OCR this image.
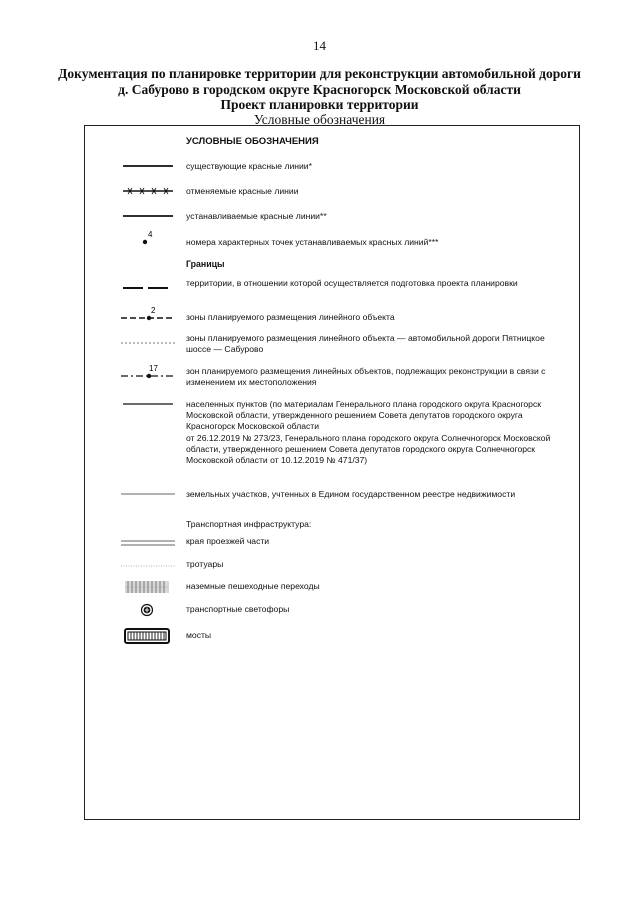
14
Документация по планировке территории для реконструкции автомобильной дороги
д. Сабурово в городском округе Красногорск Московской области
Проект планировки территории
Условные обозначения
УСЛОВНЫЕ ОБОЗНАЧЕНИЯ
существующие красные линии*
отменяемые красные линии
устанавливаемые красные линии**
4
номера характерных точек устанавливаемых красных линий***
Границы
территории, в отношении которой осуществляется подготовка проекта планировки
2
зоны планируемого размещения линейного объекта
зоны планируемого размещения линейного объекта — автомобильной дороги Пятницкое шоссе — Сабурово
17	зон планируемого размещения линейных объектов, подлежащих реконструкции в связи с изменением их местоположения
населенных пунктов (по материалам Генерального плана городского округа Красногорск Московской области, утвержденного решением Совета депутатов городского округа Красногорск Московской области
от 26.12.2019 № 273/23, Генерального плана городского округа Солнечногорск Московской области, утвержденного решением Совета депутатов городского округа Солнечногорск Московской области от 10.12.2019 № 471/37)
земельных участков, учтенных в Едином государственном реестре недвижимости
Транспортная инфраструктура:
края проезжей части
тротуары
наземные пешеходные переходы
транспортные светофоры
мосты
